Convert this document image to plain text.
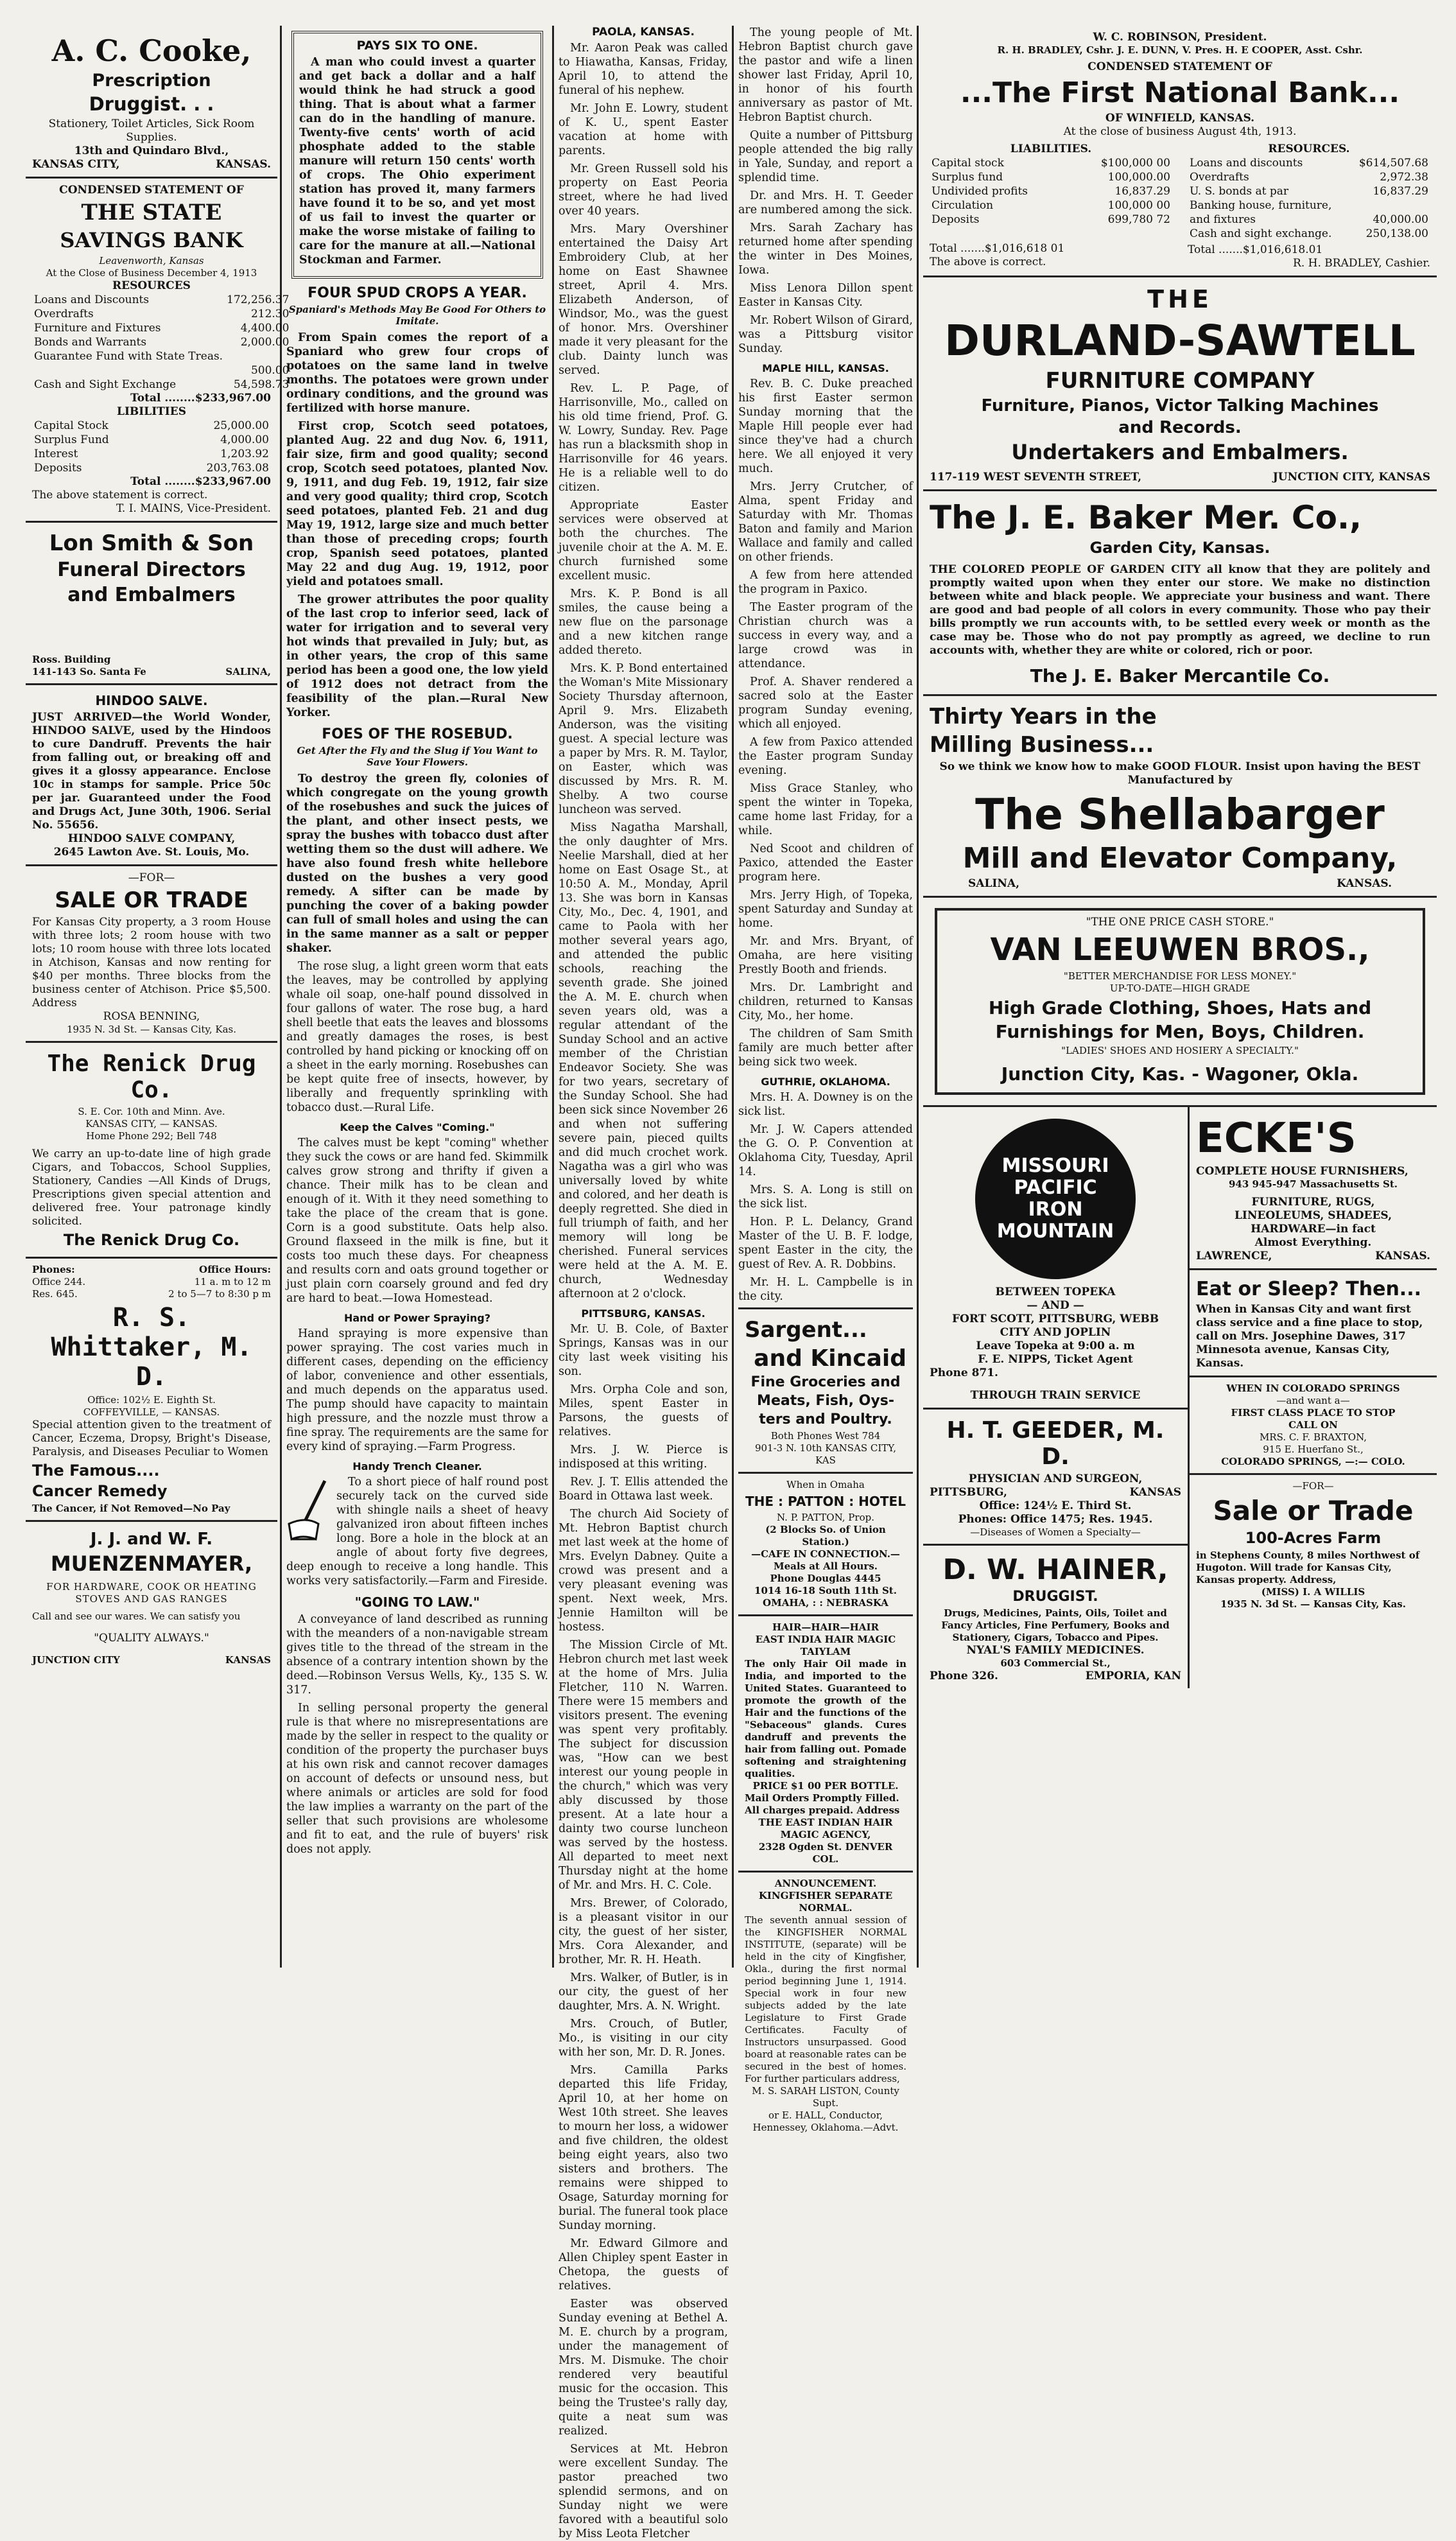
A. C. Cooke,
Prescription
Druggist. . .
Stationery, Toilet Articles, Sick Room Supplies.
13th and Quindaro Blvd.,
KANSAS CITY,	KANSAS.
CONDENSED STATEMENT OF
THE STATE
SAVINGS BANK
Leavenworth, Kansas
At the Close of Business December 4, 1913
RESOURCES
Loans and Discounts	172,256.37
Overdrafts	212.30
Furniture and Fixtures	4,400.00
Bonds and Warrants	2,000.00
Guarantee Fund with State Treas.	
	500.00
Cash and Sight Exchange	54,598.73
Total ........$233,967.00
LIBILITIES
Capital Stock	25,000.00
Surplus Fund	4,000.00
Interest	1,203.92
Deposits	203,763.08
Total ........$233,967.00
The above statement is correct.
T. I. MAINS, Vice-President.
Lon Smith & Son
Funeral Directors
and Embalmers
Ross. Building
141-143 So. Santa Fe	SALINA,
HINDOO SALVE.
JUST ARRIVED—the World Wonder, HINDOO SALVE, used by the Hindoos to cure Dandruff. Prevents the hair from falling out, or breaking off and gives it a glossy appearance. Enclose 10c in stamps for sample. Price 50c per jar. Guaranteed under the Food and Drugs Act, June 30th, 1906. Serial No. 55656.
HINDOO SALVE COMPANY,
2645 Lawton Ave. St. Louis, Mo.
—FOR—
SALE OR TRADE
For Kansas City property, a 3 room House with three lots; 2 room house with two lots; 10 room house with three lots located in Atchison, Kansas and now renting for $40 per months. Three blocks from the business center of Atchison. Price $5,500. Address
ROSA BENNING,
1935 N. 3d St. — Kansas City, Kas.
The Renick Drug Co.
S. E. Cor. 10th and Minn. Ave.
KANSAS CITY, — KANSAS.
Home Phone 292; Bell 748
We carry an up-to-date line of high grade Cigars, and Tobaccos, School Supplies, Stationery, Candies —All Kinds of Drugs, Prescriptions given special attention and delivered free. Your patronage kindly solicited.
The Renick Drug Co.
Phones:	Office Hours:
Office 244.	11 a. m to 12 m
Res. 645.	2 to 5—7 to 8:30 p m
R. S. Whittaker, M. D.
Office: 102½ E. Eighth St.
COFFEYVILLE, — KANSAS.
Special attention given to the treatment of Cancer, Eczema, Dropsy, Bright's Disease, Paralysis, and Diseases Peculiar to Women
The Famous....
Cancer Remedy
The Cancer, if Not Removed—No Pay
J. J. and W. F.
MUENZENMAYER,
FOR HARDWARE, COOK OR HEATING STOVES AND GAS RANGES
Call and see our wares. We can satisfy you
"QUALITY ALWAYS."
JUNCTION CITY	KANSAS
PAYS SIX TO ONE.

A man who could invest a quarter and get back a dollar and a half would think he had struck a good thing. That is about what a farmer can do in the handling of manure. Twenty-five cents' worth of acid phosphate added to the stable manure will return 150 cents' worth of crops. The Ohio experiment station has proved it, many farmers have found it to be so, and yet most of us fail to invest the quarter or make the worse mistake of failing to care for the manure at all.—National Stockman and Farmer.

FOUR SPUD CROPS A YEAR.
Spaniard's Methods May Be Good For Others to Imitate.

From Spain comes the report of a Spaniard who grew four crops of potatoes on the same land in twelve months. The potatoes were grown under ordinary conditions, and the ground was fertilized with horse manure.

First crop, Scotch seed potatoes, planted Aug. 22 and dug Nov. 6, 1911, fair size, firm and good quality; second crop, Scotch seed potatoes, planted Nov. 9, 1911, and dug Feb. 19, 1912, fair size and very good quality; third crop, Scotch seed potatoes, planted Feb. 21 and dug May 19, 1912, large size and much better than those of preceding crops; fourth crop, Spanish seed potatoes, planted May 22 and dug Aug. 19, 1912, poor yield and potatoes small.

The grower attributes the poor quality of the last crop to inferior seed, lack of water for irrigation and to several very hot winds that prevailed in July; but, as in other years, the crop of this same period has been a good one, the low yield of 1912 does not detract from the feasibility of the plan.—Rural New Yorker.

FOES OF THE ROSEBUD.
Get After the Fly and the Slug if You Want to Save Your Flowers.

To destroy the green fly, colonies of which congregate on the young growth of the rosebushes and suck the juices of the plant, and other insect pests, we spray the bushes with tobacco dust after wetting them so the dust will adhere. We have also found fresh white hellebore dusted on the bushes a very good remedy. A sifter can be made by punching the cover of a baking powder can full of small holes and using the can in the same manner as a salt or pepper shaker.

The rose slug, a light green worm that eats the leaves, may be controlled by applying whale oil soap, one-half pound dissolved in four gallons of water. The rose bug, a hard shell beetle that eats the leaves and blossoms and greatly damages the roses, is best controlled by hand picking or knocking off on a sheet in the early morning. Rosebushes can be kept quite free of insects, however, by liberally and frequently sprinkling with tobacco dust.—Rural Life.

Keep the Calves "Coming."

The calves must be kept "coming" whether they suck the cows or are hand fed. Skimmilk calves grow strong and thrifty if given a chance. Their milk has to be clean and enough of it. With it they need something to take the place of the cream that is gone. Corn is a good substitute. Oats help also. Ground flaxseed in the milk is fine, but it costs too much these days. For cheapness and results corn and oats ground together or just plain corn coarsely ground and fed dry are hard to beat.—Iowa Homestead.

Hand or Power Spraying?

Hand spraying is more expensive than power spraying. The cost varies much in different cases, depending on the efficiency of labor, convenience and other essentials, and much depends on the apparatus used. The pump should have capacity to maintain high pressure, and the nozzle must throw a fine spray. The requirements are the same for every kind of spraying.—Farm Progress.

Handy Trench Cleaner.

To a short piece of half round post securely tack on the curved side with shingle nails a sheet of heavy galvanized iron about fifteen inches long. Bore a hole in the block at an angle of about forty five degrees, deep enough to receive a long handle. This works very satisfactorily.—Farm and Fireside.

"GOING TO LAW."

A conveyance of land described as running with the meanders of a non-navigable stream gives title to the thread of the stream in the absence of a contrary intention shown by the deed.—Robinson Versus Wells, Ky., 135 S. W. 317.

In selling personal property the general rule is that where no misrepresentations are made by the seller in respect to the quality or condition of the property the purchaser buys at his own risk and cannot recover damages on account of defects or unsound ness, but where animals or articles are sold for food the law implies a warranty on the part of the seller that such provisions are wholesome and fit to eat, and the rule of buyers' risk does not apply.

PAOLA, KANSAS.

Mr. Aaron Peak was called to Hiawatha, Kansas, Friday, April 10, to attend the funeral of his nephew.

Mr. John E. Lowry, student of K. U., spent Easter vacation at home with parents.

Mr. Green Russell sold his property on East Peoria street, where he had lived over 40 years.

Mrs. Mary Overshiner entertained the Daisy Art Embroidery Club, at her home on East Shawnee street, April 4. Mrs. Elizabeth Anderson, of Windsor, Mo., was the guest of honor. Mrs. Overshiner made it very pleasant for the club. Dainty lunch was served.

Rev. L. P. Page, of Harrisonville, Mo., called on his old time friend, Prof. G. W. Lowry, Sunday. Rev. Page has run a blacksmith shop in Harrisonville for 46 years. He is a reliable well to do citizen.

Appropriate Easter services were observed at both the churches. The juvenile choir at the A. M. E. church furnished some excellent music.

Mrs. K. P. Bond is all smiles, the cause being a new flue on the parsonage and a new kitchen range added thereto.

Mrs. K. P. Bond entertained the Woman's Mite Missionary Society Thursday afternoon, April 9. Mrs. Elizabeth Anderson, was the visiting guest. A special lecture was a paper by Mrs. R. M. Taylor, on Easter, which was discussed by Mrs. R. M. Shelby. A two course luncheon was served.

Miss Nagatha Marshall, the only daughter of Mrs. Neelie Marshall, died at her home on East Osage St., at 10:50 A. M., Monday, April 13. She was born in Kansas City, Mo., Dec. 4, 1901, and came to Paola with her mother several years ago, and attended the public schools, reaching the seventh grade. She joined the A. M. E. church when seven years old, was a regular attendant of the Sunday School and an active member of the Christian Endeavor Society. She was for two years, secretary of the Sunday School. She had been sick since November 26 and when not suffering severe pain, pieced quilts and did much crochet work. Nagatha was a girl who was universally loved by white and colored, and her death is deeply regretted. She died in full triumph of faith, and her memory will long be cherished. Funeral services were held at the A. M. E. church, Wednesday afternoon at 2 o'clock.

PITTSBURG, KANSAS.

Mr. U. B. Cole, of Baxter Springs, Kansas was in our city last week visiting his son.

Mrs. Orpha Cole and son, Miles, spent Easter in Parsons, the guests of relatives.

Mrs. J. W. Pierce is indisposed at this writing.

Rev. J. T. Ellis attended the Board in Ottawa last week.

The church Aid Society of Mt. Hebron Baptist church met last week at the home of Mrs. Evelyn Dabney. Quite a crowd was present and a very pleasant evening was spent. Next week, Mrs. Jennie Hamilton will be hostess.

The Mission Circle of Mt. Hebron church met last week at the home of Mrs. Julia Fletcher, 110 N. Warren. There were 15 members and visitors present. The evening was spent very profitably. The subject for discussion was, "How can we best interest our young people in the church," which was very ably discussed by those present. At a late hour a dainty two course luncheon was served by the hostess. All departed to meet next Thursday night at the home of Mr. and Mrs. H. C. Cole.

Mrs. Brewer, of Colorado, is a pleasant visitor in our city, the guest of her sister, Mrs. Cora Alexander, and brother, Mr. R. H. Heath.

Mrs. Walker, of Butler, is in our city, the guest of her daughter, Mrs. A. N. Wright.

Mrs. Crouch, of Butler, Mo., is visiting in our city with her son, Mr. D. R. Jones.

Mrs. Camilla Parks departed this life Friday, April 10, at her home on West 10th street. She leaves to mourn her loss, a widower and five children, the oldest being eight years, also two sisters and brothers. The remains were shipped to Osage, Saturday morning for burial. The funeral took place Sunday morning.

Mr. Edward Gilmore and Allen Chipley spent Easter in Chetopa, the guests of relatives.

Easter was observed Sunday evening at Bethel A. M. E. church by a program, under the management of Mrs. M. Dismuke. The choir rendered very beautiful music for the occasion. This being the Trustee's rally day, quite a neat sum was realized.

Services at Mt. Hebron were excellent Sunday. The pastor preached two splendid sermons, and on Sunday night we were favored with a beautiful solo by Miss Leota Fletcher

The young people of Mt. Hebron Baptist church gave the pastor and wife a linen shower last Friday, April 10, in honor of his fourth anniversary as pastor of Mt. Hebron Baptist church.

Quite a number of Pittsburg people attended the big rally in Yale, Sunday, and report a splendid time.

Dr. and Mrs. H. T. Geeder are numbered among the sick.

Mrs. Sarah Zachary has returned home after spending the winter in Des Moines, Iowa.

Miss Lenora Dillon spent Easter in Kansas City.

Mr. Robert Wilson of Girard, was a Pittsburg visitor Sunday.

MAPLE HILL, KANSAS.

Rev. B. C. Duke preached his first Easter sermon Sunday morning that the Maple Hill people ever had since they've had a church here. We all enjoyed it very much.

Mrs. Jerry Crutcher, of Alma, spent Friday and Saturday with Mr. Thomas Baton and family and Marion Wallace and family and called on other friends.

A few from here attended the program in Paxico.

The Easter program of the Christian church was a success in every way, and a large crowd was in attendance.

Prof. A. Shaver rendered a sacred solo at the Easter program Sunday evening, which all enjoyed.

A few from Paxico attended the Easter program Sunday evening.

Miss Grace Stanley, who spent the winter in Topeka, came home last Friday, for a while.

Ned Scoot and children of Paxico, attended the Easter program here.

Mrs. Jerry High, of Topeka, spent Saturday and Sunday at home.

Mr. and Mrs. Bryant, of Omaha, are here visiting Prestly Booth and friends.

Mrs. Dr. Lambright and children, returned to Kansas City, Mo., her home.

The children of Sam Smith family are much better after being sick two week.

GUTHRIE, OKLAHOMA.

Mrs. H. A. Downey is on the sick list.

Mr. J. W. Capers attended the G. O. P. Convention at Oklahoma City, Tuesday, April 14.

Mrs. S. A. Long is still on the sick list.

Hon. P. L. Delancy, Grand Master of the U. B. F. lodge, spent Easter in the city, the guest of Rev. A. R. Dobbins.

Mr. H. L. Campbelle is in the city.

Sargent...
and Kincaid
Fine Groceries and
Meats, Fish, Oys-
ters and Poultry.
Both Phones West 784
901-3 N. 10th KANSAS CITY, KAS
When in Omaha
THE : PATTON : HOTEL
N. P. PATTON, Prop.
(2 Blocks So. of Union Station.)
—CAFE IN CONNECTION.—
Meals at All Hours.
Phone Douglas 4445
1014 16-18 South 11th St.
OMAHA, : : NEBRASKA
HAIR—HAIR—HAIR
EAST INDIA HAIR MAGIC
TAIYLAM
The only Hair Oil made in India, and imported to the United States. Guaranteed to promote the growth of the Hair and the functions of the "Sebaceous" glands. Cures dandruff and prevents the hair from falling out. Pomade softening and straightening qualities.
PRICE $1 00 PER BOTTLE.
Mail Orders Promptly Filled. All charges prepaid. Address
THE EAST INDIAN HAIR MAGIC AGENCY,
2328 Ogden St. DENVER COL.
ANNOUNCEMENT.
KINGFISHER SEPARATE NORMAL.
The seventh annual session of the KINGFISHER NORMAL INSTITUTE, (separate) will be held in the city of Kingfisher, Okla., during the first normal period beginning June 1, 1914. Special work in four new subjects added by the late Legislature to First Grade Certificates. Faculty of Instructors unsurpassed. Good board at reasonable rates can be secured in the best of homes. For further particulars address,
M. S. SARAH LISTON, County Supt.
or E. HALL, Conductor, Hennessey, Oklahoma.—Advt.
W. C. ROBINSON, President.
R. H. BRADLEY, Cshr. J. E. DUNN, V. Pres. H. E COOPER, Asst. Cshr.
CONDENSED STATEMENT OF
...The First National Bank...
OF WINFIELD, KANSAS.
At the close of business August 4th, 1913.
LIABILITIES.
Capital stock	$100,000 00
Surplus fund	100,000.00
Undivided profits	16,837.29
Circulation	100,000 00
Deposits	699,780 72
Total .......$1,016,618 01
The above is correct.
RESOURCES.
Loans and discounts	$614,507.68
Overdrafts	2,972.38
U. S. bonds at par	16,837.29
Banking house, furniture,	
and fixtures	40,000.00
Cash and sight exchange.	250,138.00
Total .......$1,016,618.01
R. H. BRADLEY, Cashier.
THE
DURLAND-SAWTELL
FURNITURE COMPANY
Furniture, Pianos, Victor Talking Machines
and Records.
Undertakers and Embalmers.
117-119 WEST SEVENTH STREET,	JUNCTION CITY, KANSAS
The J. E. Baker Mer. Co.,
Garden City, Kansas.
THE COLORED PEOPLE OF GARDEN CITY all know that they are politely and promptly waited upon when they enter our store. We make no distinction between white and black people. We appreciate your business and want. There are good and bad people of all colors in every community. Those who pay their bills promptly we run accounts with, to be settled every week or month as the case may be. Those who do not pay promptly as agreed, we decline to run accounts with, whether they are white or colored, rich or poor.
The J. E. Baker Mercantile Co.
Thirty Years in the
Milling Business...
So we think we know how to make GOOD FLOUR. Insist upon having the BEST Manufactured by
The Shellabarger
Mill and Elevator Company,
SALINA,	KANSAS.
"THE ONE PRICE CASH STORE."
VAN LEEUWEN BROS.,
"BETTER MERCHANDISE FOR LESS MONEY."
UP-TO-DATE—HIGH GRADE
High Grade Clothing, Shoes, Hats and
Furnishings for Men, Boys, Children.
"LADIES' SHOES AND HOSIERY A SPECIALTY."
Junction City, Kas. - Wagoner, Okla.
MISSOURI
PACIFIC
IRON
MOUNTAIN
BETWEEN TOPEKA
— AND —
FORT SCOTT, PITTSBURG, WEBB
CITY AND JOPLIN
Leave Topeka at 9:00 a. m
F. E. NIPPS, Ticket Agent
Phone 871.
THROUGH TRAIN SERVICE
H. T. GEEDER, M. D.
PHYSICIAN AND SURGEON,
PITTSBURG,	KANSAS
Office: 124½ E. Third St.
Phones: Office 1475; Res. 1945.
—Diseases of Women a Specialty—
D. W. HAINER,
DRUGGIST.
Drugs, Medicines, Paints, Oils, Toilet and Fancy Articles, Fine Perfumery, Books and Stationery, Cigars, Tobacco and Pipes.
NYAL'S FAMILY MEDICINES.
603 Commercial St.,
Phone 326.	EMPORIA, KAN
ECKE'S
COMPLETE HOUSE FURNISHERS,
943 945-947 Massachusetts St.
FURNITURE, RUGS,
LINEOLEUMS, SHADEES,
HARDWARE—in fact
Almost Everything.
LAWRENCE,	KANSAS.
Eat or Sleep? Then...
When in Kansas City and want first class service and a fine place to stop, call on Mrs. Josephine Dawes, 317 Minnesota avenue, Kansas City, Kansas.
WHEN IN COLORADO SPRINGS
—and want a—
FIRST CLASS PLACE TO STOP
CALL ON
MRS. C. F. BRAXTON,
915 E. Huerfano St.,
COLORADO SPRINGS, —:— COLO.
—FOR—
Sale or Trade
100-Acres Farm
in Stephens County, 8 miles Northwest of Hugoton. Will trade for Kansas City, Kansas property. Address,
(MISS) I. A WILLIS
1935 N. 3d St. — Kansas City, Kas.
